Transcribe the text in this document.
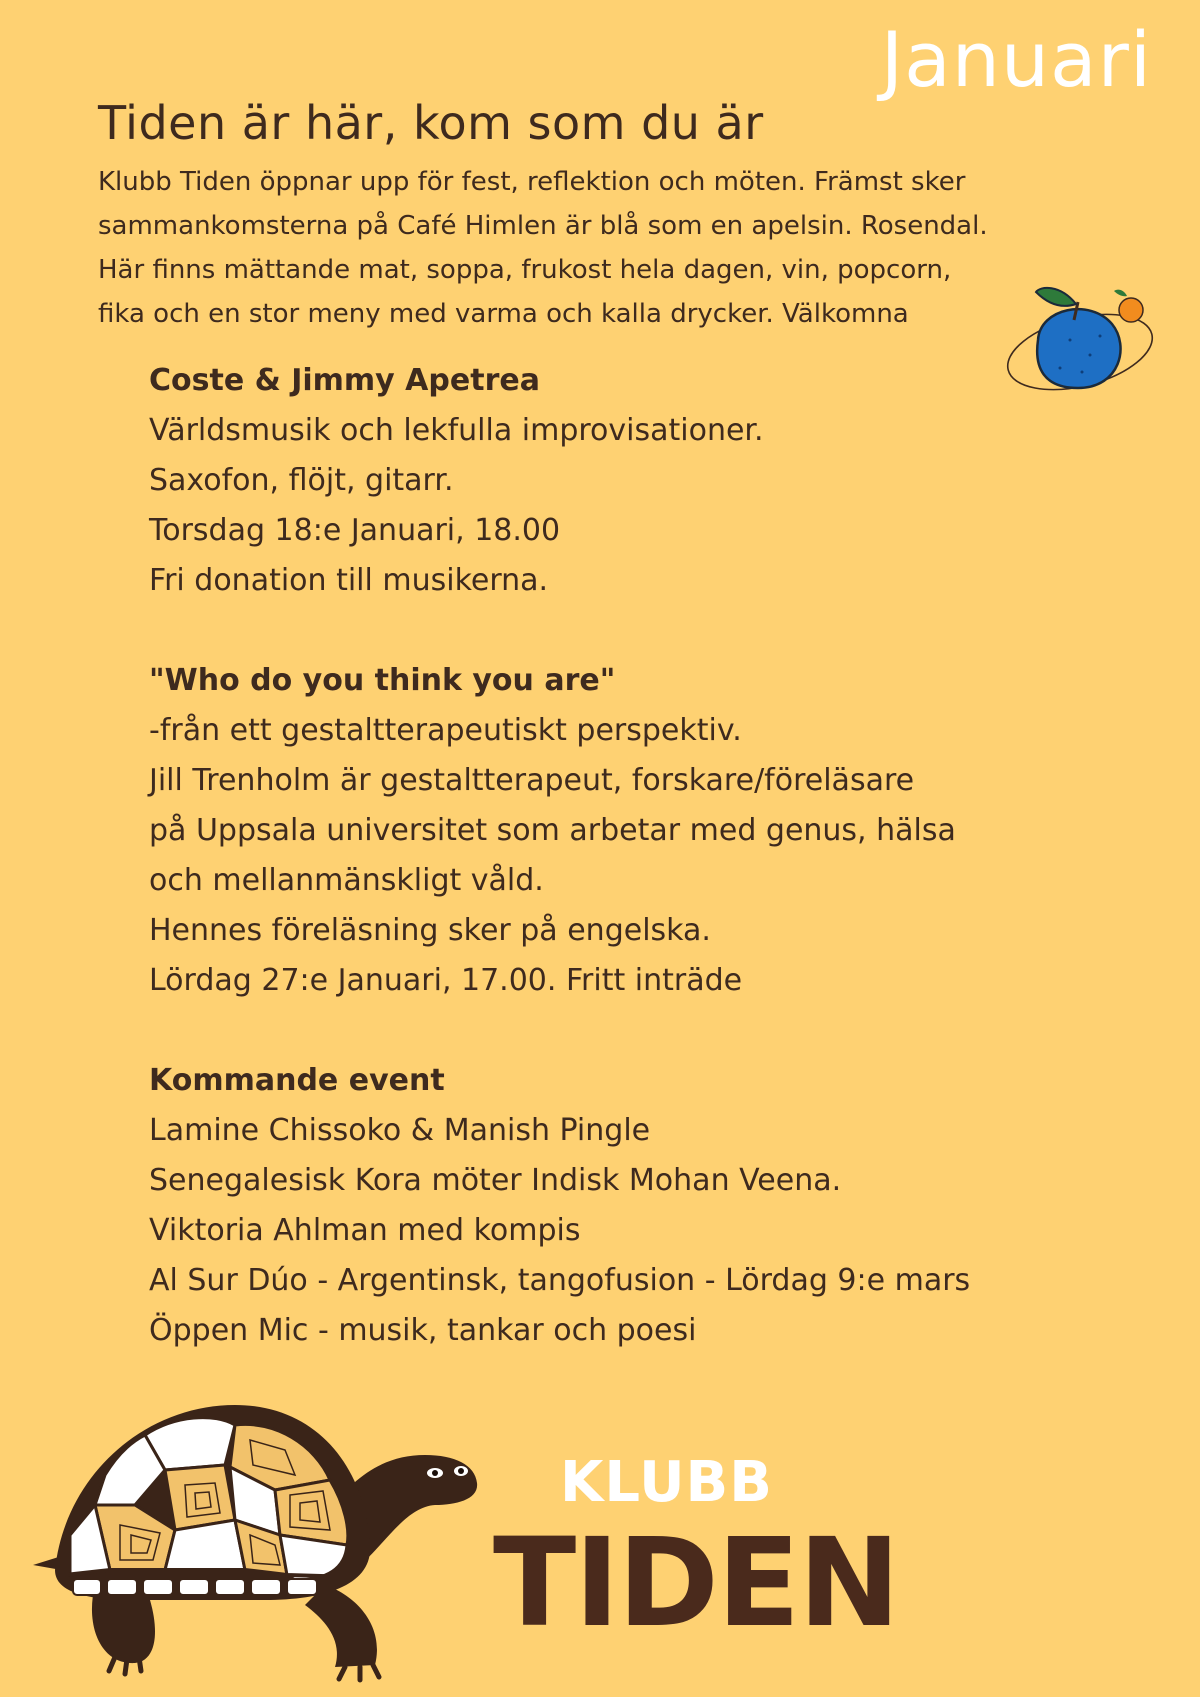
Januari
Tiden är här, kom som du är
Klubb Tiden öppnar upp för fest, reflektion och möten. Främst sker
sammankomsterna på Café Himlen är blå som en apelsin. Rosendal.
Här finns mättande mat, soppa, frukost hela dagen, vin, popcorn,
fika och en stor meny med varma och kalla drycker. Välkomna
Coste & Jimmy Apetrea
Världsmusik och lekfulla improvisationer.
Saxofon, flöjt, gitarr.
Torsdag 18:e Januari, 18.00
Fri donation till musikerna.
"Who do you think you are"
-från ett gestaltterapeutiskt perspektiv.
Jill Trenholm är gestaltterapeut, forskare/föreläsare
på Uppsala universitet som arbetar med genus, hälsa
och mellanmänskligt våld.
Hennes föreläsning sker på engelska.
Lördag 27:e Januari, 17.00. Fritt inträde
Kommande event
Lamine Chissoko & Manish Pingle
Senegalesisk Kora möter Indisk Mohan Veena.
Viktoria Ahlman med kompis
Al Sur Dúo - Argentinsk, tangofusion - Lördag 9:e mars
Öppen Mic - musik, tankar och poesi
KLUBB
TIDEN
